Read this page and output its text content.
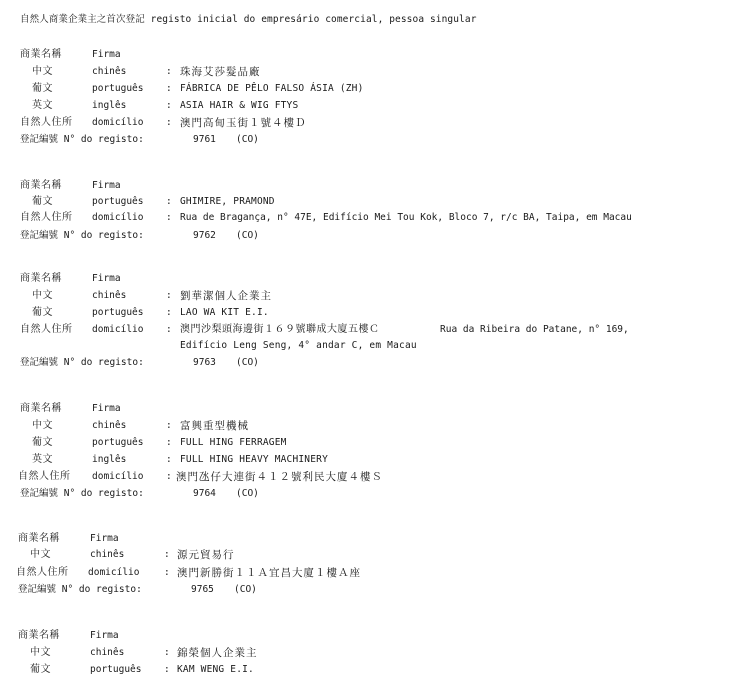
自然人商業企業主之首次登記 registo inicial do empresário comercial, pessoa singular
商業名稱	Firma
中文	chinês	: 珠海艾莎髮品廠
葡文	português : FÁBRICA DE PÊLO FALSO ÁSIA (ZH)
英文	inglês	: ASIA HAIR & WIG FTYS
自然人住所 domicílio : 澳門高甸玉街１號４樓Ｄ
登記編號 N° do registo:	9761 (CO)
商業名稱	Firma
葡文	português : GHIMIRE, PRAMOND
自然人住所 domicílio : Rua de Bragança, n° 47E, Edifício Mei Tou Kok, Bloco 7, r/c BA, Taipa, em Macau
登記編號 N° do registo:	9762 (CO)
商業名稱	Firma
中文	chinês	: 劉華潔個人企業主
葡文	português : LAO WA KIT E.I.
自然人住所 domicílio : 澳門沙梨頭海邊街１６９號聯成大廈五樓Ｃ	Rua da Ribeira do Patane, n° 169,
Edifício Leng Seng, 4° andar C, em Macau
登記編號 N° do registo:	9763 (CO)
商業名稱	Firma
中文	chinês	: 富興重型機械
葡文	português : FULL HING FERRAGEM
英文	inglês	: FULL HING HEAVY MACHINERY
自然人住所 domicílio : 澳門氹仔大連街４１２號利民大廈４樓Ｓ
登記編號 N° do registo:	9764 (CO)
商業名稱	Firma
中文	chinês	: 源元貿易行
自然人住所 domicílio	: 澳門新勝街１１Ａ宜昌大廈１樓Ａ座
登記編號 N° do registo:	9765 (CO)
商業名稱	Firma
中文	chinês	: 錦榮個人企業主
葡文	português : KAM WENG E.I.
